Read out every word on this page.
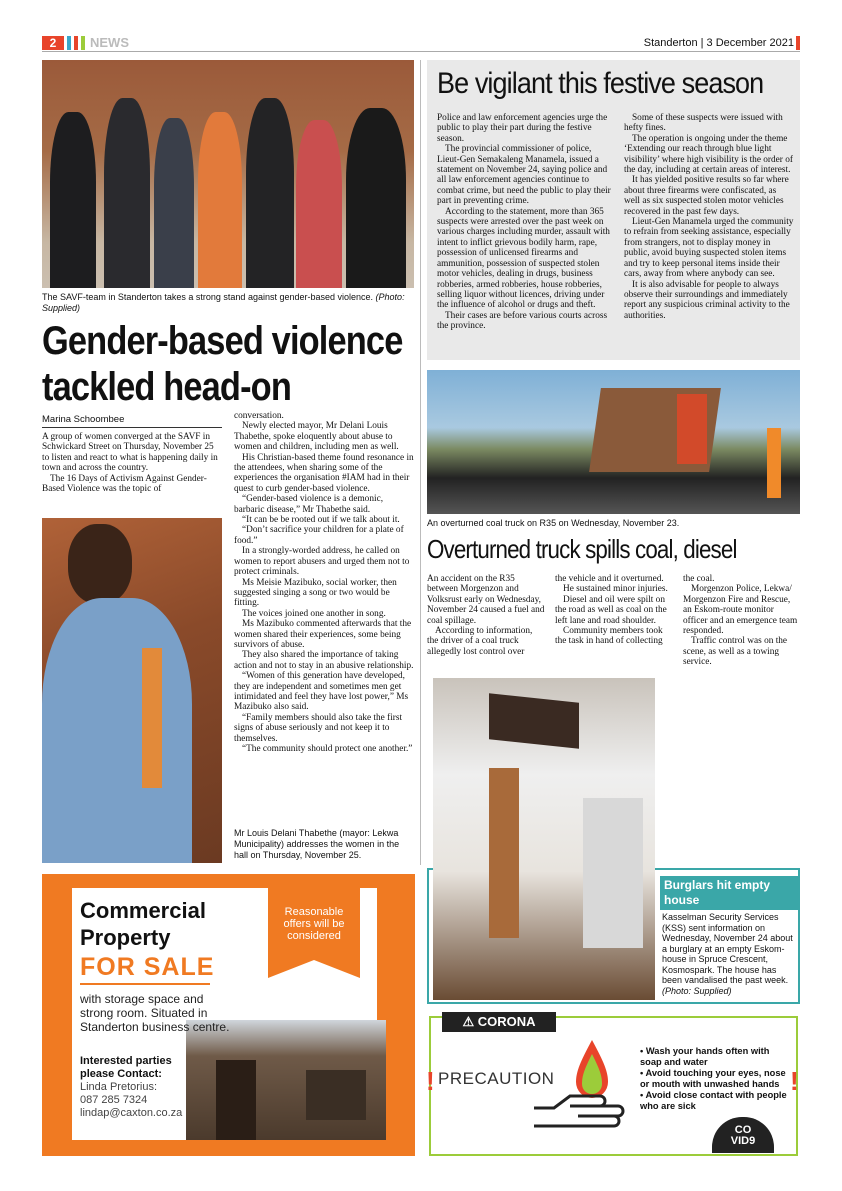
2	NEWS	Standerton | 3 December 2021
The SAVF-team in Standerton takes a strong stand against gender-based violence. (Photo: Supplied)
Gender-based violence tackled head-on
Marina Schoombee

A group of women converged at the SAVF in Schwickard Street on Thursday, November 25 to listen and react to what is happening daily in town and across the country.

The 16 Days of Activism Against Gender-Based Violence was the topic of

conversation.

Newly elected mayor, Mr Delani Louis Thabethe, spoke eloquently about abuse to women and children, including men as well.

His Christian-based theme found resonance in the attendees, when sharing some of the experiences the organisation #IAM had in their quest to curb gender-based violence.

“Gender-based violence is a demonic, barbaric disease,” Mr Thabethe said.

“It can be be rooted out if we talk about it.

“Don’t sacrifice your children for a plate of food.”

In a strongly-worded address, he called on women to report abusers and urged them not to protect criminals.

Ms Meisie Mazibuko, social worker, then suggested singing a song or two would be fitting.

The voices joined one another in song.

Ms Mazibuko commented afterwards that the women shared their experiences, some being survivors of abuse.

They also shared the importance of taking action and not to stay in an abusive relationship.

“Women of this generation have developed, they are independent and sometimes men get intimidated and feel they have lost power,” Ms Mazibuko also said.

“Family members should also take the first signs of abuse seriously and not keep it to themselves.

“The community should protect one another.”

Mr Louis Delani Thabethe (mayor: Lekwa Municipality) addresses the women in the hall on Thursday, November 25.
Be vigilant this festive season

Police and law enforcement agencies urge the public to play their part during the festive season.

The provincial commissioner of police, Lieut-Gen Semakaleng Manamela, issued a statement on November 24, saying police and all law enforcement agencies continue to combat crime, but need the public to play their part in preventing crime.

According to the statement, more than 365 suspects were arrested over the past week on various charges including murder, assault with intent to inflict grievous bodily harm, rape, possession of unlicensed firearms and ammunition, possession of suspected stolen motor vehicles, dealing in drugs, business robberies, armed robberies, house robberies, selling liquor without licences, driving under the influence of alcohol or drugs and theft.

Their cases are before various courts across the province.

Some of these suspects were issued with hefty fines.

The operation is ongoing under the theme ‘Extending our reach through blue light visibility’ where high visibility is the order of the day, including at certain areas of interest.

It has yielded positive results so far where about three firearms were confiscated, as well as six suspected stolen motor vehicles recovered in the past few days.

Lieut-Gen Manamela urged the community to refrain from seeking assistance, especially from strangers, not to display money in public, avoid buying suspected stolen items and try to keep personal items inside their cars, away from where anybody can see.

It is also advisable for people to always observe their surroundings and immediately report any suspicious criminal activity to the authorities.

An overturned coal truck on R35 on Wednesday, November 23.
Overturned truck spills coal, diesel

An accident on the R35 between Morgenzon and Volksrust early on Wednesday, November 24 caused a fuel and coal spillage.

According to information, the driver of a coal truck allegedly lost control over

the vehicle and it overturned.

He sustained minor injuries.

Diesel and oil were spilt on the road as well as coal on the left lane and road shoulder.

Community members took the task in hand of collecting

the coal.

Morgenzon Police, Lekwa/ Morgenzon Fire and Rescue, an Eskom-route monitor officer and an emergence team responded.

Traffic control was on the scene, as well as a towing service.

Burglars hit empty house
Kasselman Security Services (KSS) sent information on Wednesday, November 24 about a burglary at an empty Eskom-house in Spruce Crescent, Kosmospark. The house has been vandalised the past week. (Photo: Supplied)
⚠ CORONA
! PRECAUTION
• Wash your hands often with soap and water
• Avoid touching your eyes, nose or mouth with unwashed hands
• Avoid close contact with people who are sick
!
CO
VID9
Reasonable offers will be considered
Commercial
Property
FOR SALE
with storage space and strong room. Situated in Standerton business centre.
Interested parties please Contact:
Linda Pretorius:
087 285 7324
lindap@caxton.co.za
